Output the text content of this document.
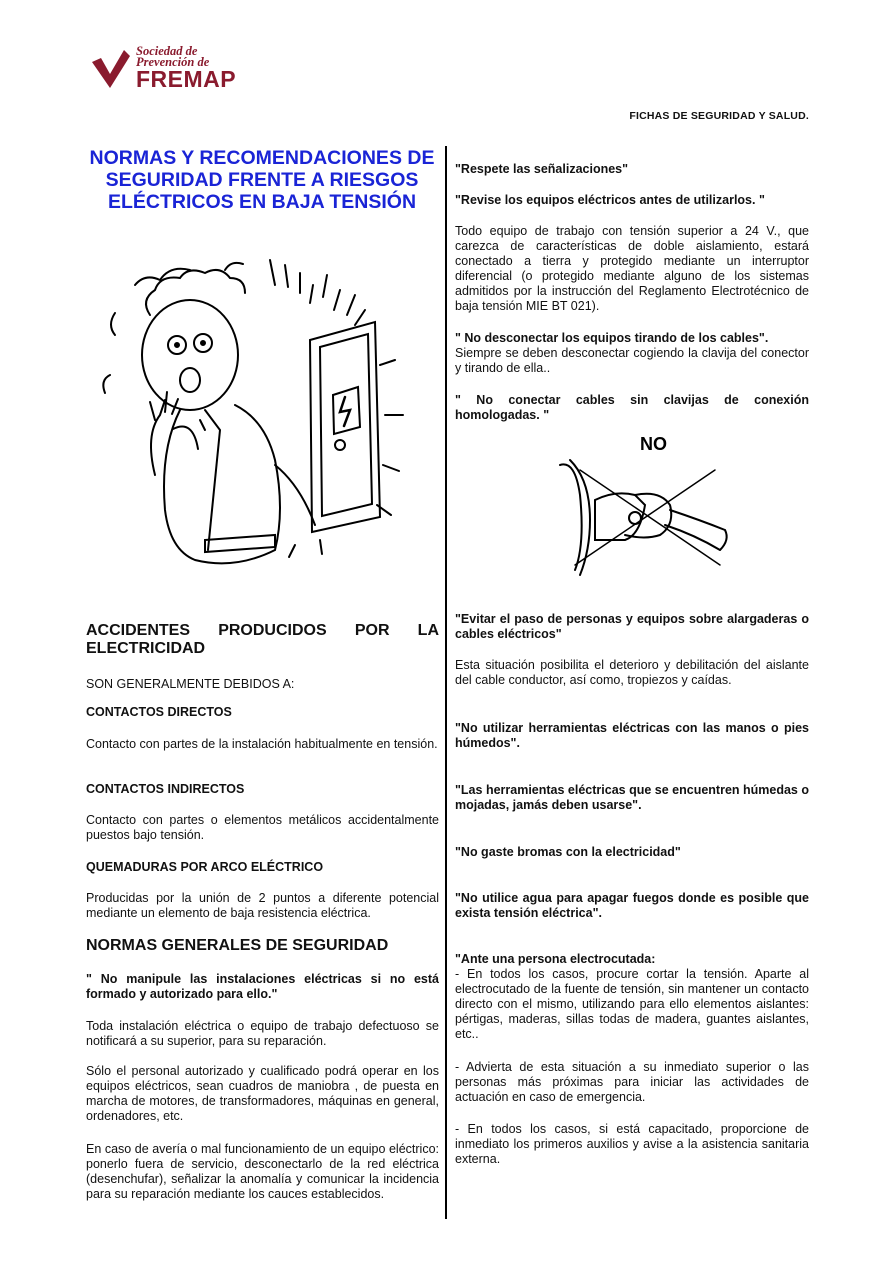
Sociedad de
Prevención de
FREMAP
FICHAS DE SEGURIDAD Y SALUD.
NORMAS Y RECOMENDACIONES DE SEGURIDAD FRENTE A RIESGOS ELÉCTRICOS EN BAJA TENSIÓN
ACCIDENTES PRODUCIDOS POR LA ELECTRICIDAD

SON GENERALMENTE DEBIDOS A:

CONTACTOS DIRECTOS

Contacto con partes de la instalación habitualmente en tensión.

CONTACTOS INDIRECTOS

Contacto con partes o elementos metálicos accidentalmente puestos bajo tensión.

QUEMADURAS POR ARCO ELÉCTRICO

Producidas por la unión de 2 puntos a diferente potencial mediante un elemento de baja resistencia eléctrica.

NORMAS GENERALES DE SEGURIDAD

" No manipule las instalaciones eléctricas si no está formado y autorizado para ello."

Toda instalación eléctrica o equipo de trabajo defectuoso se notificará a su superior, para su reparación.

Sólo el personal autorizado y cualificado podrá operar en los equipos eléctricos, sean cuadros de maniobra , de puesta en marcha de motores, de transformadores, máquinas en general, ordenadores, etc.

En caso de avería o mal funcionamiento de un equipo eléctrico: ponerlo fuera de servicio, desconectarlo de la red eléctrica (desenchufar), señalizar la anomalía y comunicar la incidencia para su reparación mediante los cauces establecidos.

"Respete las señalizaciones"

"Revise los equipos eléctricos antes de utilizarlos. "

Todo equipo de trabajo con tensión superior a 24 V., que carezca de características de doble aislamiento, estará conectado a tierra y protegido mediante un interruptor diferencial (o protegido mediante alguno de los sistemas admitidos por la instrucción del Reglamento Electrotécnico de baja tensión MIE BT 021).

" No desconectar los equipos tirando de los cables".

Siempre se deben desconectar cogiendo la clavija del conector y tirando de ella..

" No conectar cables sin clavijas de conexión homologadas. "

NO

"Evitar el paso de personas y equipos sobre alargaderas o cables eléctricos"

Esta situación posibilita el deterioro y debilitación del aislante del cable conductor, así como, tropiezos y caídas.

"No utilizar herramientas eléctricas con las manos o pies húmedos".

"Las herramientas eléctricas que se encuentren húmedas o mojadas, jamás deben usarse".

"No gaste bromas con la electricidad"

"No utilice agua para apagar fuegos donde es posible que exista tensión eléctrica".

"Ante una persona electrocutada:

- En todos los casos, procure cortar la tensión. Aparte al electrocutado de la fuente de tensión, sin mantener un contacto directo con el mismo, utilizando para ello elementos aislantes: pértigas, maderas, sillas todas de madera, guantes aislantes, etc..

- Advierta de esta situación a su inmediato superior o las personas más próximas para iniciar las actividades de actuación en caso de emergencia.

- En todos los casos, si está capacitado, proporcione de inmediato los primeros auxilios y avise a la asistencia sanitaria externa.
